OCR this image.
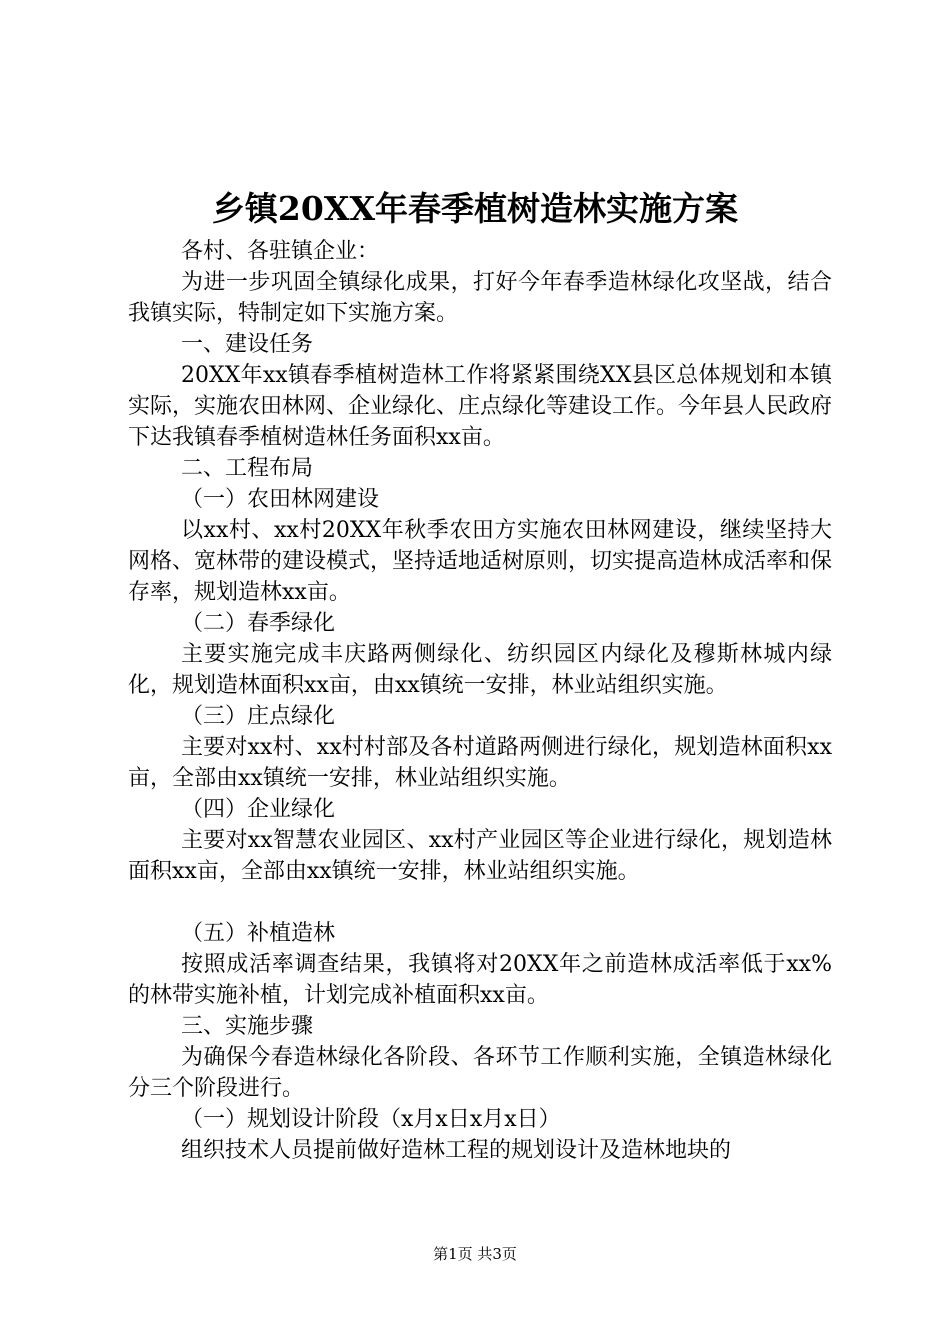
乡镇20XX年春季植树造林实施方案

各村、各驻镇企业：

为进一步巩固全镇绿化成果，打好今年春季造林绿化攻坚战，结合我镇实际，特制定如下实施方案。

一、建设任务

20XX年xx镇春季植树造林工作将紧紧围绕XX县区总体规划和本镇实际，实施农田林网、企业绿化、庄点绿化等建设工作。今年县人民政府下达我镇春季植树造林任务面积xx亩。

二、工程布局

（一）农田林网建设

以xx村、xx村20XX年秋季农田方实施农田林网建设，继续坚持大网格、宽林带的建设模式，坚持适地适树原则，切实提高造林成活率和保存率，规划造林xx亩。

（二）春季绿化

主要实施完成丰庆路两侧绿化、纺织园区内绿化及穆斯林城内绿化，规划造林面积xx亩，由xx镇统一安排，林业站组织实施。

（三）庄点绿化

主要对xx村、xx村村部及各村道路两侧进行绿化，规划造林面积xx亩，全部由xx镇统一安排，林业站组织实施。

（四）企业绿化

主要对xx智慧农业园区、xx村产业园区等企业进行绿化，规划造林面积xx亩，全部由xx镇统一安排，林业站组织实施。

（五）补植造林

按照成活率调查结果，我镇将对20XX年之前造林成活率低于xx%的林带实施补植，计划完成补植面积xx亩。

三、实施步骤

为确保今春造林绿化各阶段、各环节工作顺利实施，全镇造林绿化分三个阶段进行。

（一）规划设计阶段（x月x日x月x日）

组织技术人员提前做好造林工程的规划设计及造林地块的

第1页 共3页
